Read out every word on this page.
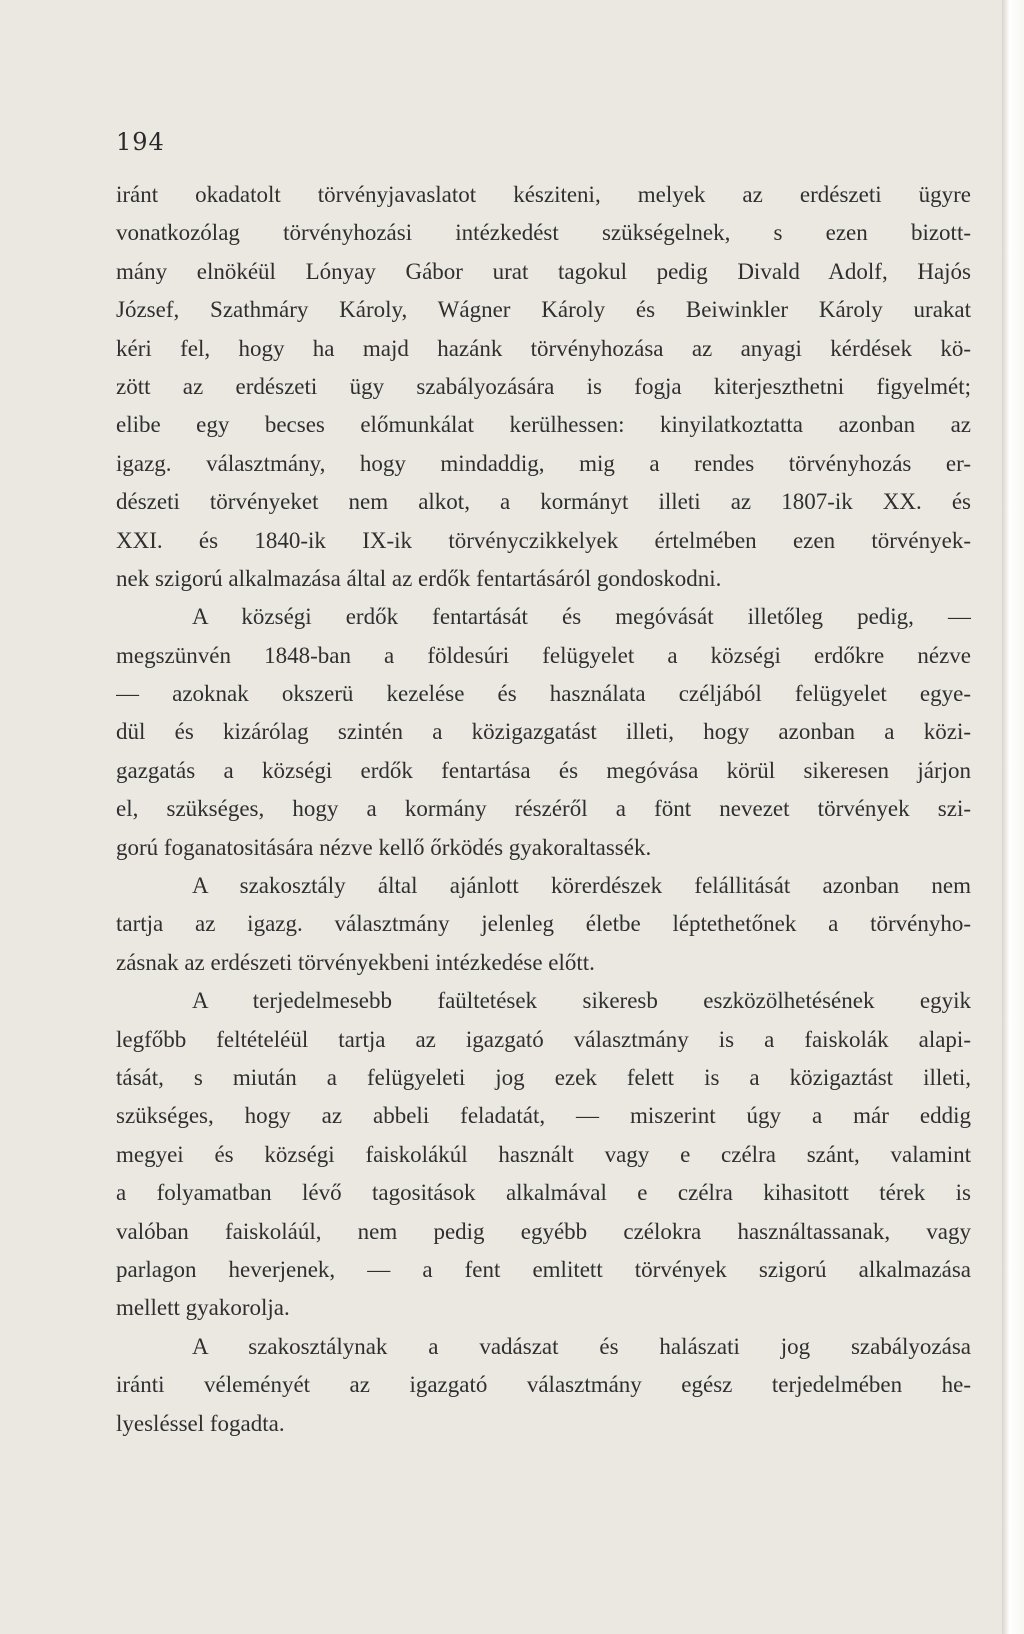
194
iránt okadatolt törvényjavaslatot késziteni, melyek az erdészeti ügyre
vonatkozólag törvényhozási intézkedést szükségelnek, s ezen bizott-
mány elnökéül Lónyay Gábor urat tagokul pedig Divald Adolf, Hajós
József, Szathmáry Károly, Wágner Károly és Beiwinkler Károly urakat
kéri fel, hogy ha majd hazánk törvényhozása az anyagi kérdések kö-
zött az erdészeti ügy szabályozására is fogja kiterjeszthetni figyelmét;
elibe egy becses előmunkálat kerülhessen: kinyilatkoztatta azonban az
igazg. választmány, hogy mindaddig, mig a rendes törvényhozás er-
dészeti törvényeket nem alkot, a kormányt illeti az 1807-ik XX. és
XXI. és 1840-ik IX-ik törvényczikkelyek értelmében ezen törvények-
nek szigorú alkalmazása által az erdők fentartásáról gondoskodni.
A községi erdők fentartását és megóvását illetőleg pedig, —
megszünvén 1848-ban a földesúri felügyelet a községi erdőkre nézve
— azoknak okszerü kezelése és használata czéljából felügyelet egye-
dül és kizárólag szintén a közigazgatást illeti, hogy azonban a közi-
gazgatás a községi erdők fentartása és megóvása körül sikeresen járjon
el, szükséges, hogy a kormány részéről a fönt nevezet törvények szi-
gorú foganatositására nézve kellő őrködés gyakoraltassék.
A szakosztály által ajánlott körerdészek felállitását azonban nem
tartja az igazg. választmány jelenleg életbe léptethetőnek a törvényho-
zásnak az erdészeti törvényekbeni intézkedése előtt.
A terjedelmesebb faültetések sikeresb eszközölhetésének egyik
legfőbb feltételéül tartja az igazgató választmány is a faiskolák alapi-
tását, s miután a felügyeleti jog ezek felett is a közigaztást illeti,
szükséges, hogy az abbeli feladatát, — miszerint úgy a már eddig
megyei és községi faiskolákúl használt vagy e czélra szánt, valamint
a folyamatban lévő tagositások alkalmával e czélra kihasitott térek is
valóban faiskoláúl, nem pedig egyébb czélokra használtassanak, vagy
parlagon heverjenek, — a fent emlitett törvények szigorú alkalmazása
mellett gyakorolja.
A szakosztálynak a vadászat és halászati jog szabályozása
iránti véleményét az igazgató választmány egész terjedelmében he-
lyesléssel fogadta.
